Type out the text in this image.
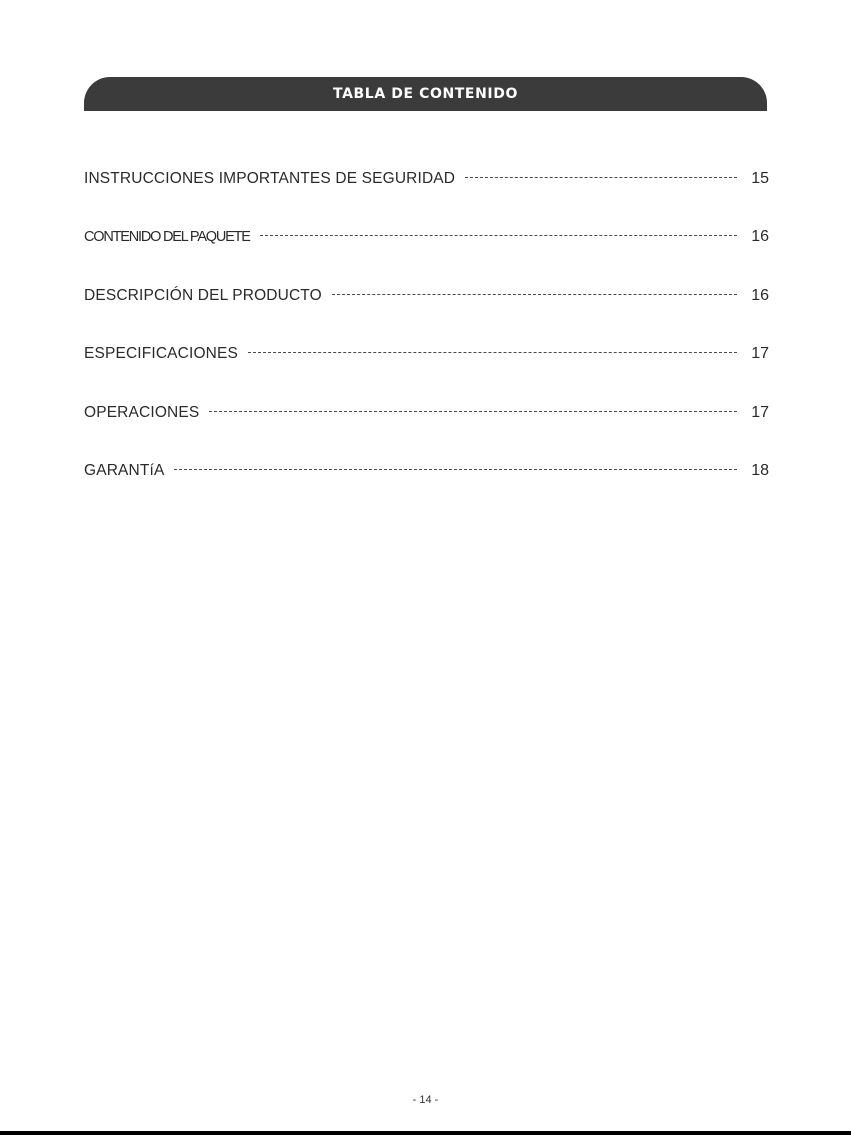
TABLA DE CONTENIDO
INSTRUCCIONES IMPORTANTES DE SEGURIDAD	15
CONTENIDO DEL PAQUETE	16
DESCRIPCIÓN DEL PRODUCTO	16
ESPECIFICACIONES	17
OPERACIONES	17
GARANTíA	18
- 14 -
